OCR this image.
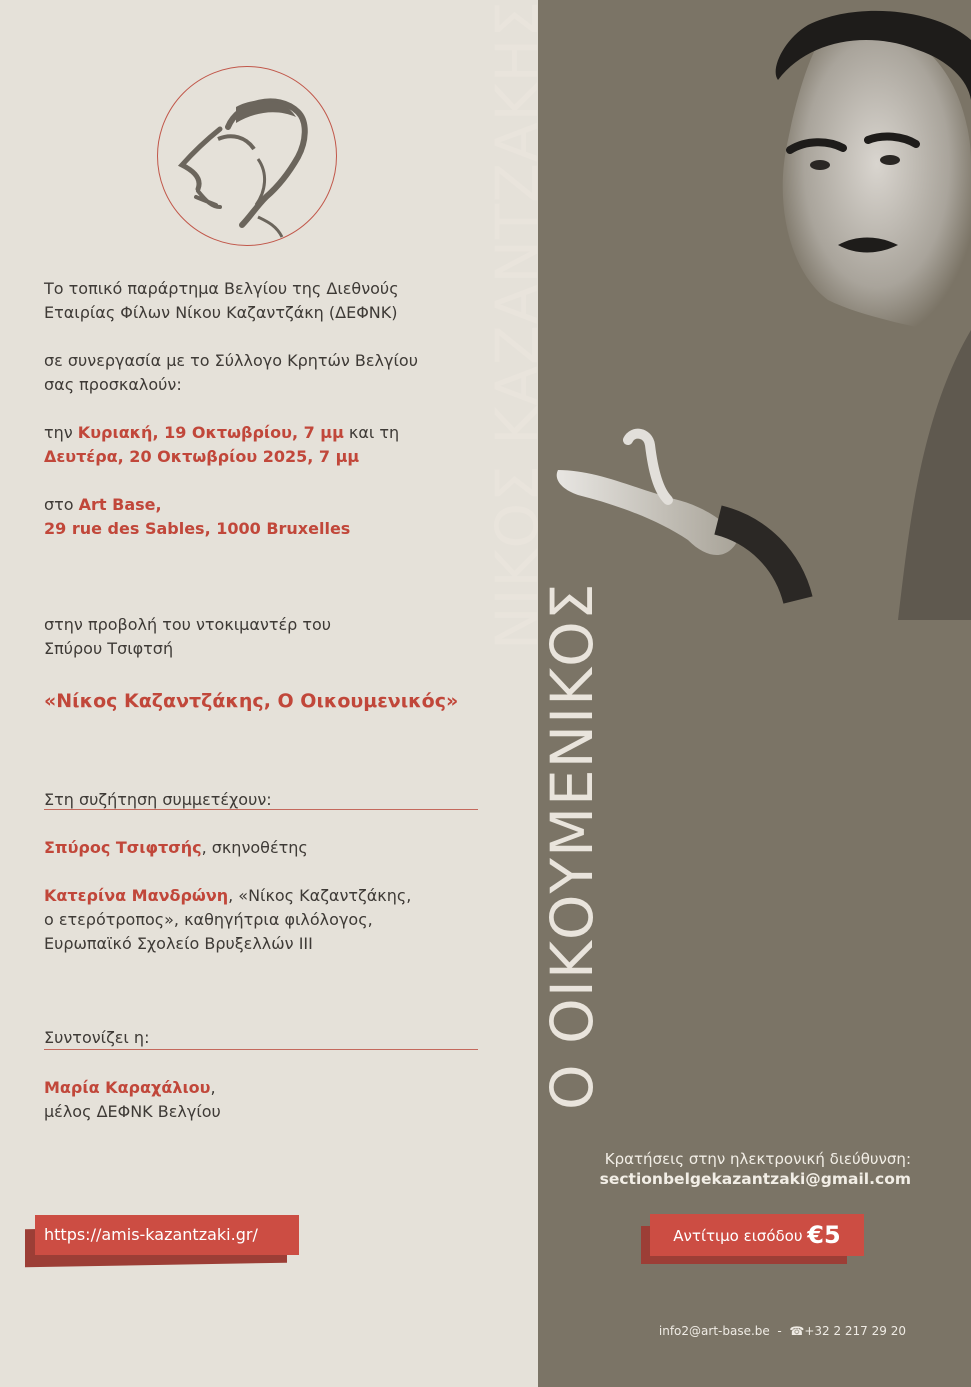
Το τοπικό παράρτημα Βελγίου της Διεθνούς
Εταιρίας Φίλων Νίκου Καζαντζάκη (ΔΕΦΝΚ)
σε συνεργασία με το Σύλλογο Κρητών Βελγίου
σας προσκαλούν:
την Κυριακή, 19 Οκτωβρίου, 7 μμ και τη
Δευτέρα, 20 Οκτωβρίου 2025, 7 μμ
στο Art Base,
29 rue des Sables, 1000 Bruxelles
στην προβολή του ντοκιμαντέρ του
Σπύρου Τσιφτσή
«Νίκος Καζαντζάκης, Ο Οικουμενικός»
Στη συζήτηση συμμετέχουν:
Σπύρος Τσιφτσής, σκηνοθέτης
Κατερίνα Μανδρώνη, «Νίκος Καζαντζάκης,
ο ετερότροπος», καθηγήτρια φιλόλογος,
Ευρωπαϊκό Σχολείο Βρυξελλών ΙΙΙ
Συντονίζει η:
Μαρία Καραχάλιου,
μέλος ΔΕΦΝΚ Βελγίου
https://amis-kazantzaki.gr/
ΝΙΚΟΣ ΚΑΖΑΝΤΖΑΚΗΣ
Ο ΟΙΚΟΥΜΕΝΙΚΟΣ
Κρατήσεις στην ηλεκτρονική διεύθυνση:
sectionbelgekazantzaki@gmail.com
Αντίτιμο εισόδου €5
info2@art-base.be  -  ☎+32 2 217 29 20
